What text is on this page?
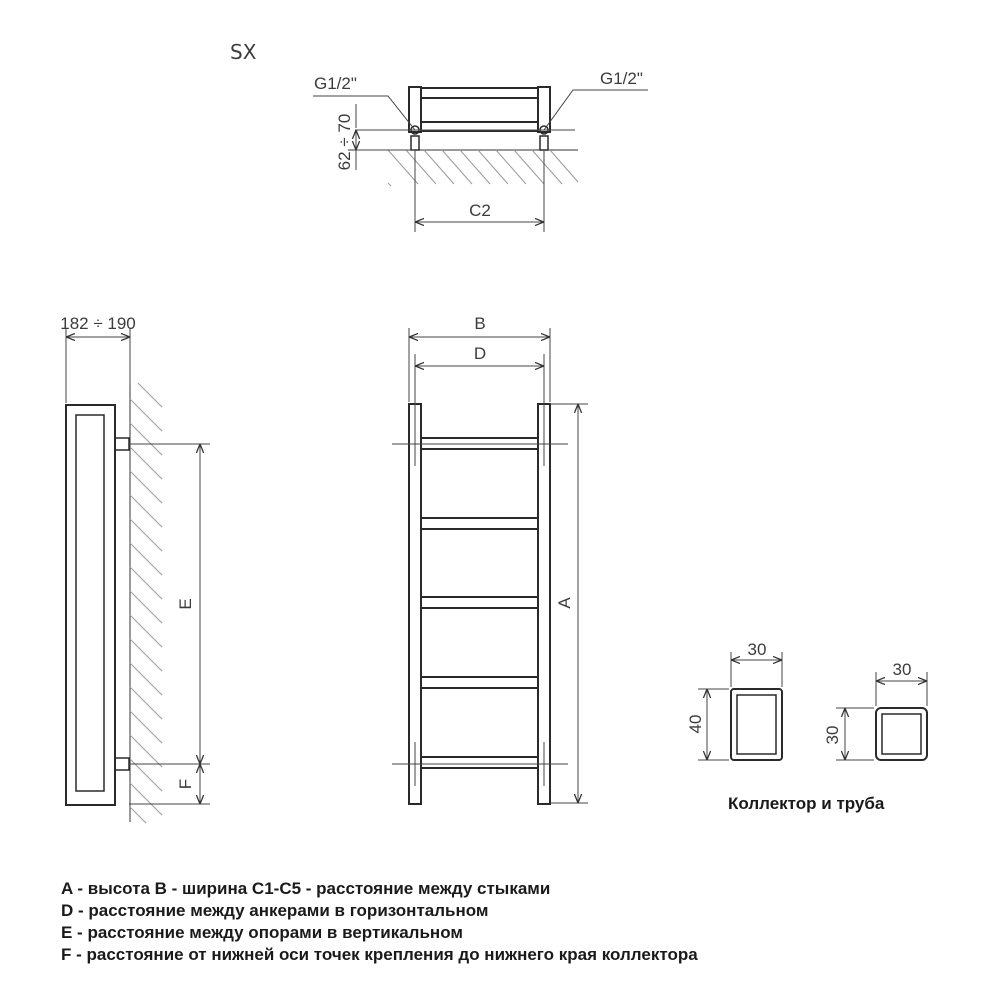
SX
G1/2"	G1/2"
62 ÷ 70
C2
182 ÷ 190
E
F
B
D
A
30
40
30
30
Коллектор и труба
A - высота B - ширина C1-C5 - расстояние между стыками
D - расстояние между анкерами в горизонтальном
E - расстояние между опорами в вертикальном
F - расстояние от нижней оси точек крепления до нижнего края коллектора
